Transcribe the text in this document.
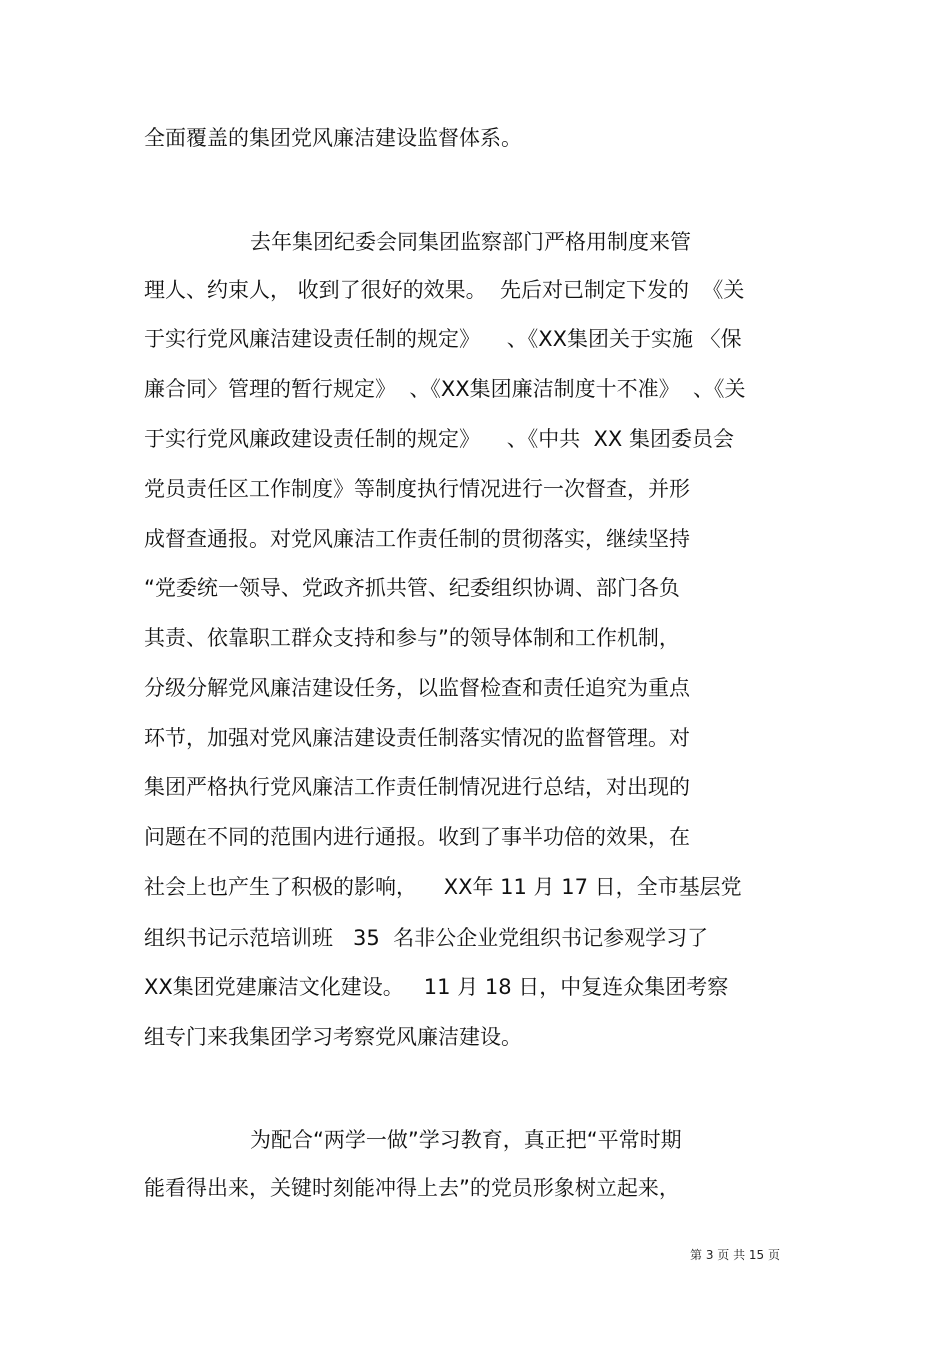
全面覆盖的集团党风廉洁建设监督体系。
去年集团纪委会同集团监察部门严格用制度来管
理人、约束人， 收到了很好的效果。  先后对已制定下发的  《关
于实行党风廉洁建设责任制的规定》    、《XX集团关于实施 〈保
廉合同〉管理的暂行规定》  、《XX集团廉洁制度十不准》  、《关
于实行党风廉政建设责任制的规定》    、《中共  XX 集团委员会
党员责任区工作制度》等制度执行情况进行一次督查，并形
成督查通报。对党风廉洁工作责任制的贯彻落实，继续坚持
“党委统一领导、党政齐抓共管、纪委组织协调、部门各负
其责、依靠职工群众支持和参与”的领导体制和工作机制，
分级分解党风廉洁建设任务，以监督检查和责任追究为重点
环节，加强对党风廉洁建设责任制落实情况的监督管理。对
集团严格执行党风廉洁工作责任制情况进行总结，对出现的
问题在不同的范围内进行通报。收到了事半功倍的效果，在
社会上也产生了积极的影响，    XX年 11 月 17 日，全市基层党
组织书记示范培训班   35  名非公企业党组织书记参观学习了
XX集团党建廉洁文化建设。   11 月 18 日，中复连众集团考察
组专门来我集团学习考察党风廉洁建设。
为配合“两学一做”学习教育，真正把“平常时期
能看得出来，关键时刻能冲得上去”的党员形象树立起来，
第 3 页 共 15 页
